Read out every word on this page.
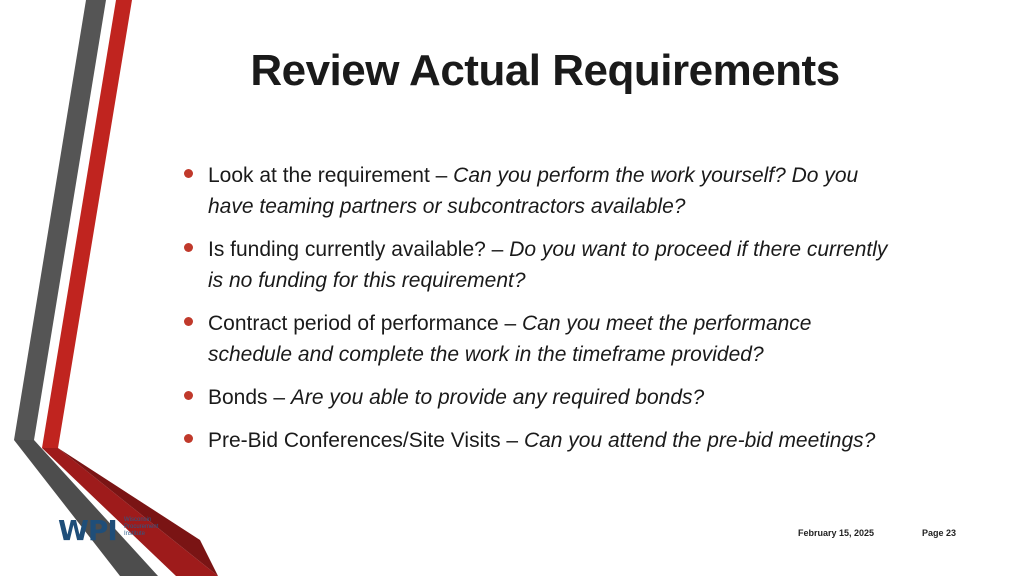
Review Actual Requirements
Look at the requirement – Can you perform the work yourself? Do you have teaming partners or subcontractors available?
Is funding currently available? – Do you want to proceed if there currently is no funding for this requirement?
Contract period of performance – Can you meet the performance schedule and complete the work in the timeframe provided?
Bonds – Are you able to provide any required bonds?
Pre-Bid Conferences/Site Visits – Can you attend the pre-bid meetings?
WPI Wisconsin
Procurement
Institute	February 15, 2025	Page 23
